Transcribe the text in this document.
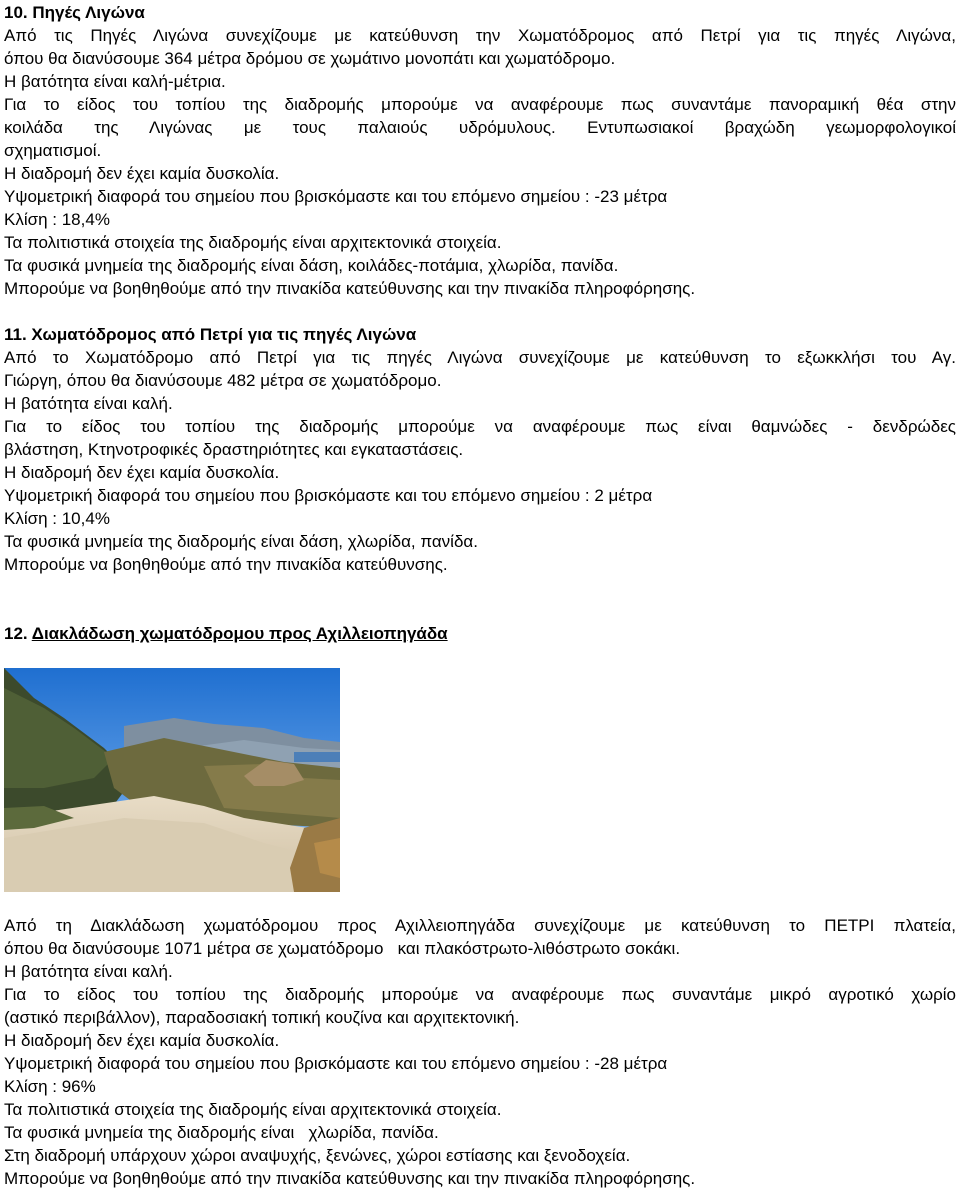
10. Πηγές Λιγώνα
Από τις Πηγές Λιγώνα συνεχίζουμε με κατεύθυνση την Χωματόδρομος από Πετρί για τις πηγές Λιγώνα,
όπου θα διανύσουμε 364 μέτρα δρόμου σε χωμάτινο μονοπάτι και χωματόδρομο.
Η βατότητα είναι καλή-μέτρια.
Για το είδος του τοπίου της διαδρομής μπορούμε να αναφέρουμε πως συναντάμε πανοραμική θέα στην
κοιλάδα της Λιγώνας με τους παλαιούς υδρόμυλους. Εντυπωσιακοί βραχώδη γεωμορφολογικοί
σχηματισμοί.
Η διαδρομή δεν έχει καμία δυσκολία.
Υψομετρική διαφορά του σημείου που βρισκόμαστε και του επόμενο σημείου : -23 μέτρα
Κλίση : 18,4%
Τα πολιτιστικά στοιχεία της διαδρομής είναι αρχιτεκτονικά στοιχεία.
Τα φυσικά μνημεία της διαδρομής είναι δάση, κοιλάδες-ποτάμια, χλωρίδα, πανίδα.
Μπορούμε να βοηθηθούμε από την πινακίδα κατεύθυνσης και την πινακίδα πληροφόρησης.
11. Χωματόδρομος από Πετρί για τις πηγές Λιγώνα
Από το Χωματόδρομο από Πετρί για τις πηγές Λιγώνα συνεχίζουμε με κατεύθυνση το εξωκκλήσι του Αγ.
Γιώργη, όπου θα διανύσουμε 482 μέτρα σε χωματόδρομο.
Η βατότητα είναι καλή.
Για το είδος του τοπίου της διαδρομής μπορούμε να αναφέρουμε πως είναι θαμνώδες - δενδρώδες
βλάστηση, Κτηνοτροφικές δραστηριότητες και εγκαταστάσεις.
Η διαδρομή δεν έχει καμία δυσκολία.
Υψομετρική διαφορά του σημείου που βρισκόμαστε και του επόμενο σημείου : 2 μέτρα
Κλίση : 10,4%
Τα φυσικά μνημεία της διαδρομής είναι δάση, χλωρίδα, πανίδα.
Μπορούμε να βοηθηθούμε από την πινακίδα κατεύθυνσης.
12. Διακλάδωση χωματόδρομου προς Αχιλλειοπηγάδα
Από τη Διακλάδωση χωματόδρομου προς Αχιλλειοπηγάδα συνεχίζουμε με κατεύθυνση το ΠΕΤΡΙ πλατεία,
όπου θα διανύσουμε 1071 μέτρα σε χωματόδρομο   και πλακόστρωτο-λιθόστρωτο σοκάκι.
Η βατότητα είναι καλή.
Για το είδος του τοπίου της διαδρομής μπορούμε να αναφέρουμε πως συναντάμε μικρό αγροτικό χωρίο
(αστικό περιβάλλον), παραδοσιακή τοπική κουζίνα και αρχιτεκτονική.
Η διαδρομή δεν έχει καμία δυσκολία.
Υψομετρική διαφορά του σημείου που βρισκόμαστε και του επόμενο σημείου : -28 μέτρα
Κλίση : 96%
Τα πολιτιστικά στοιχεία της διαδρομής είναι αρχιτεκτονικά στοιχεία.
Τα φυσικά μνημεία της διαδρομής είναι   χλωρίδα, πανίδα.
Στη διαδρομή υπάρχουν χώροι αναψυχής, ξενώνες, χώροι εστίασης και ξενοδοχεία.
Μπορούμε να βοηθηθούμε από την πινακίδα κατεύθυνσης και την πινακίδα πληροφόρησης.
